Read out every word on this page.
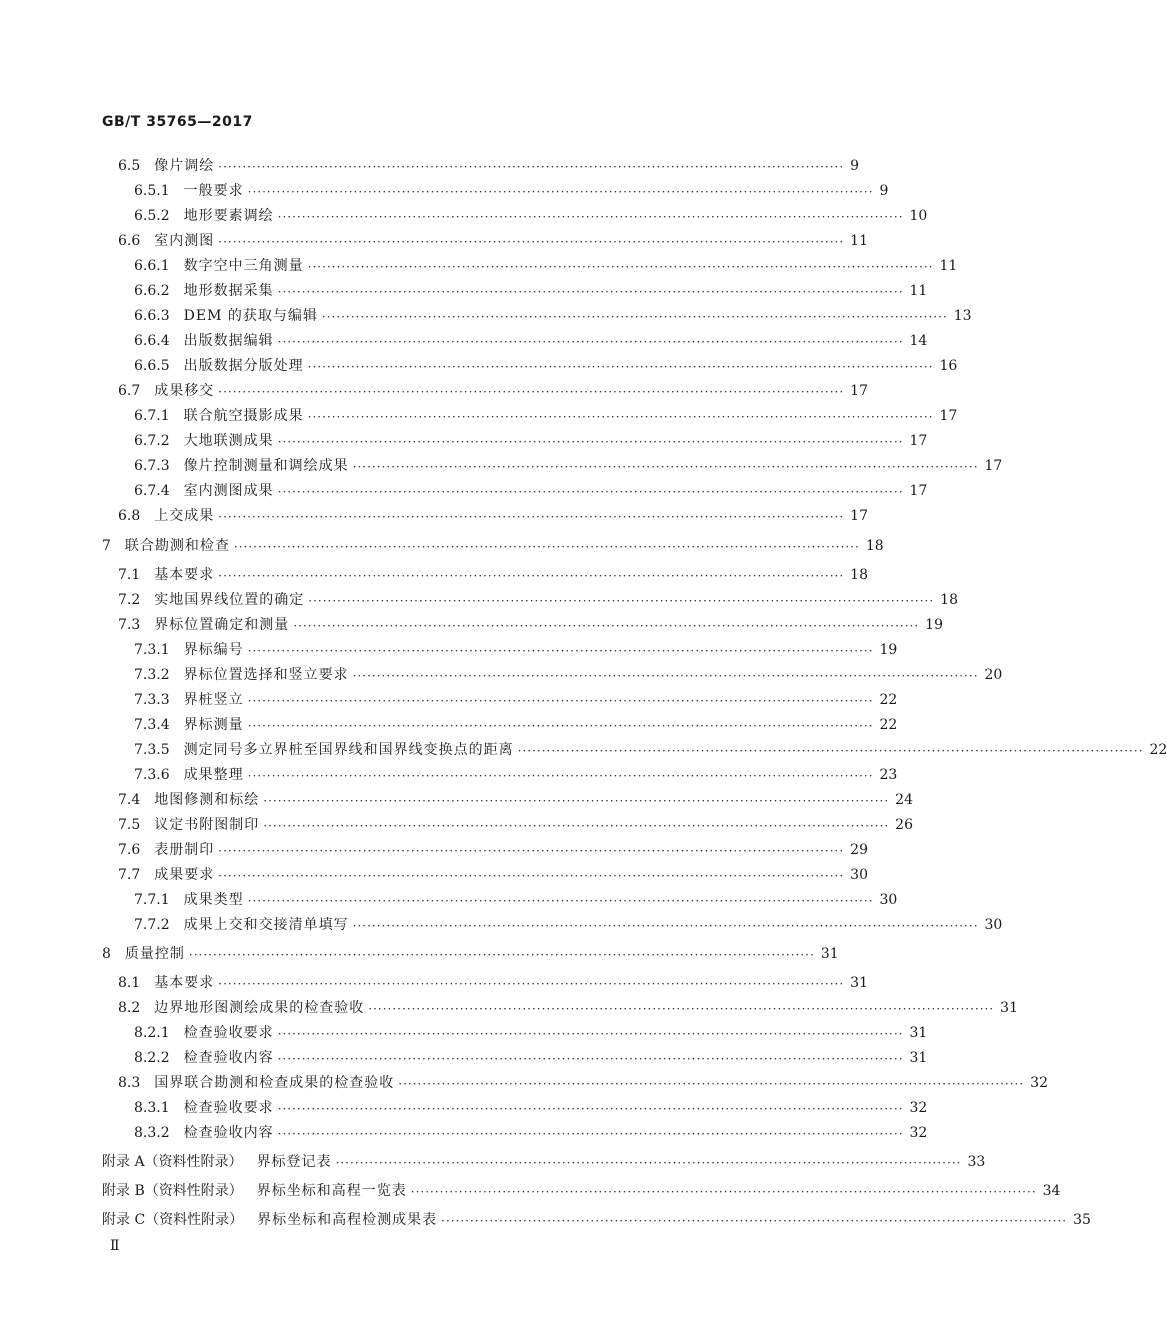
GB/T 35765—2017
6.5 像片调绘 ·································································································································· 9
6.5.1 一般要求 ·································································································································· 9
6.5.2 地形要素调绘 ·································································································································· 10
6.6 室内测图 ·································································································································· 11
6.6.1 数字空中三角测量 ·································································································································· 11
6.6.2 地形数据采集 ·································································································································· 11
6.6.3 DEM 的获取与编辑 ·································································································································· 13
6.6.4 出版数据编辑 ·································································································································· 14
6.6.5 出版数据分版处理 ·································································································································· 16
6.7 成果移交 ·································································································································· 17
6.7.1 联合航空摄影成果 ·································································································································· 17
6.7.2 大地联测成果 ·································································································································· 17
6.7.3 像片控制测量和调绘成果 ·································································································································· 17
6.7.4 室内测图成果 ·································································································································· 17
6.8 上交成果 ·································································································································· 17
7 联合勘测和检查 ·································································································································· 18
7.1 基本要求 ·································································································································· 18
7.2 实地国界线位置的确定 ·································································································································· 18
7.3 界标位置确定和测量 ·································································································································· 19
7.3.1 界标编号 ·································································································································· 19
7.3.2 界标位置选择和竖立要求 ·································································································································· 20
7.3.3 界桩竖立 ·································································································································· 22
7.3.4 界标测量 ·································································································································· 22
7.3.5 测定同号多立界桩至国界线和国界线变换点的距离 ·································································································································· 22
7.3.6 成果整理 ·································································································································· 23
7.4 地图修测和标绘 ·································································································································· 24
7.5 议定书附图制印 ·································································································································· 26
7.6 表册制印 ·································································································································· 29
7.7 成果要求 ·································································································································· 30
7.7.1 成果类型 ·································································································································· 30
7.7.2 成果上交和交接清单填写 ·································································································································· 30
8 质量控制 ·································································································································· 31
8.1 基本要求 ·································································································································· 31
8.2 边界地形图测绘成果的检查验收 ·································································································································· 31
8.2.1 检查验收要求 ·································································································································· 31
8.2.2 检查验收内容 ·································································································································· 31
8.3 国界联合勘测和检查成果的检查验收 ·································································································································· 32
8.3.1 检查验收要求 ·································································································································· 32
8.3.2 检查验收内容 ·································································································································· 32
附录 A（资料性附录） 界标登记表 ·································································································································· 33
附录 B（资料性附录） 界标坐标和高程一览表 ·································································································································· 34
附录 C（资料性附录） 界标坐标和高程检测成果表 ·································································································································· 35
Ⅱ
